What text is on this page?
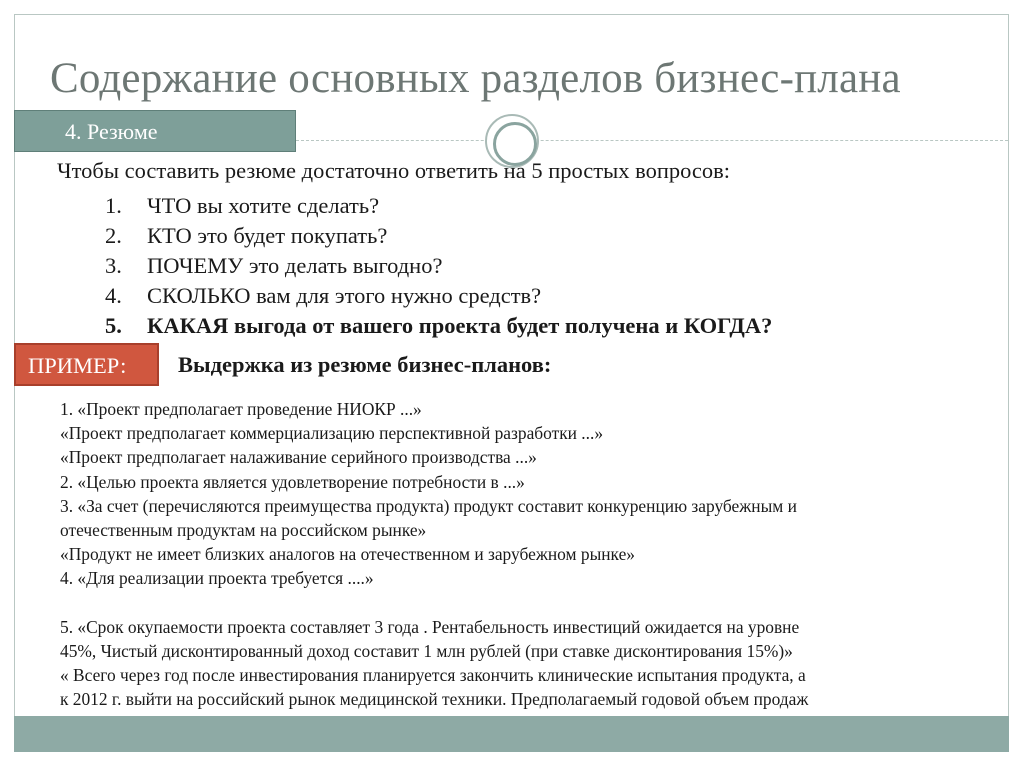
Содержание основных разделов бизнес-плана
4. Резюме
Чтобы составить резюме достаточно ответить на 5 простых вопросов:
1. ЧТО вы хотите сделать?
2. КТО это будет покупать?
3. ПОЧЕМУ это делать выгодно?
4. СКОЛЬКО вам для этого нужно средств?
5. КАКАЯ выгода от вашего проекта будет получена и КОГДА?
ПРИМЕР:	Выдержка из резюме бизнес-планов:

1. «Проект предполагает проведение НИОКР ...»

«Проект предполагает коммерциализацию перспективной разработки ...»

«Проект предполагает налаживание серийного производства ...»

2. «Целью проекта является удовлетворение потребности в ...»

3. «За счет (перечисляются преимущества продукта) продукт составит конкуренцию зарубежным и

отечественным продуктам на российском рынке»

«Продукт не имеет близких аналогов на отечественном и зарубежном рынке»

4. «Для реализации проекта требуется ....»

5. «Срок окупаемости проекта составляет 3 года . Рентабельность инвестиций ожидается на уровне

45%, Чистый дисконтированный доход составит 1 млн рублей (при ставке дисконтирования 15%)»

« Всего через год после инвестирования планируется закончить клинические испытания продукта, а

к 2012 г. выйти на российский рынок медицинской техники. Предполагаемый годовой объем продаж
